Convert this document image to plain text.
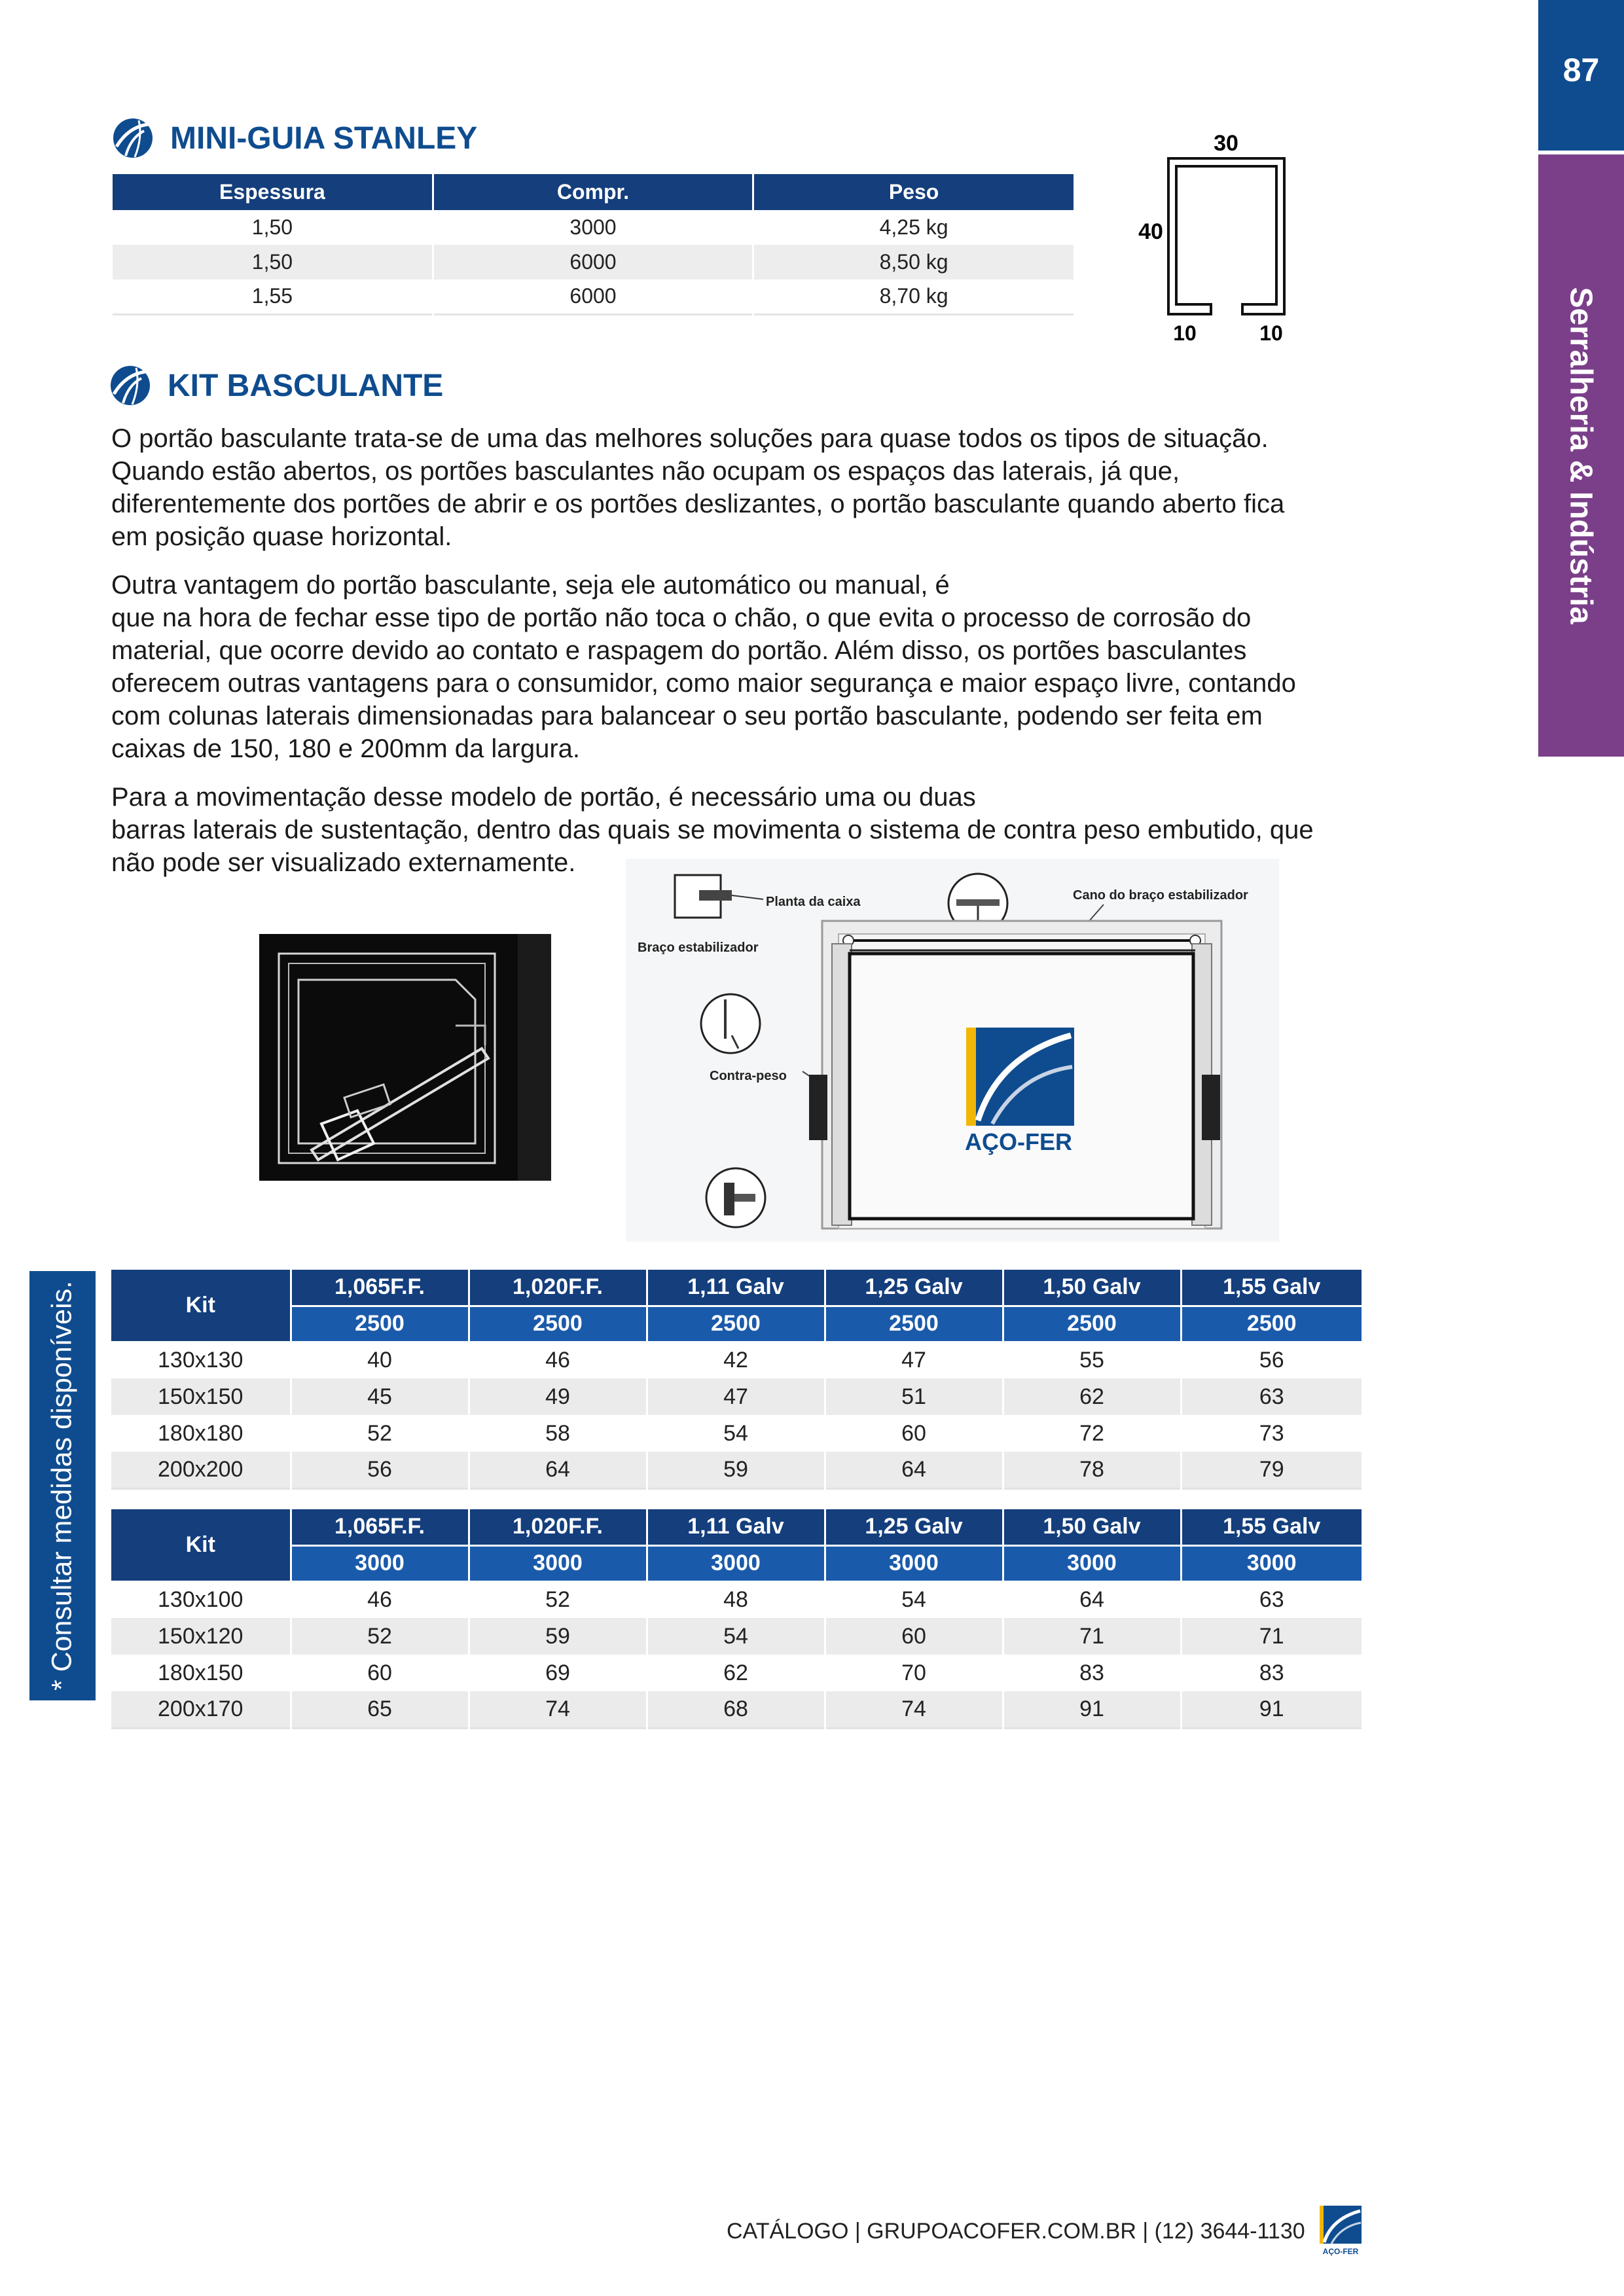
87
Serralheria & Indústria
* Consultar medidas disponíveis.
MINI-GUIA STANLEY
Espessura	Compr.	Peso
1,50	3000	4,25 kg
1,50	6000	8,50 kg
1,55	6000	8,70 kg
30
40
10	10
KIT BASCULANTE

O portão basculante trata-se de uma das melhores soluções para quase todos os tipos de situação.
Quando estão abertos, os portões basculantes não ocupam os espaços das laterais, já que,
diferentemente dos portões de abrir e os portões deslizantes, o portão basculante quando aberto fica
em posição quase horizontal.

Outra vantagem do portão basculante, seja ele automático ou manual, é
que na hora de fechar esse tipo de portão não toca o chão, o que evita o processo de corrosão do
material, que ocorre devido ao contato e raspagem do portão. Além disso, os portões basculantes
oferecem outras vantagens para o consumidor, como maior segurança e maior espaço livre, contando
com colunas laterais dimensionadas para balancear o seu portão basculante, podendo ser feita em
caixas de 150, 180 e 200mm da largura.

Para a movimentação desse modelo de portão, é necessário uma ou duas
barras laterais de sustentação, dentro das quais se movimenta o sistema de contra peso embutido, que
não pode ser visualizado externamente.

Planta da caixa	Cano do braço estabilizador
Braço estabilizador
Contra-peso
AÇO-FER
Kit	1,065F.F.	1,020F.F.	1,11 Galv	1,25 Galv	1,50 Galv	1,55 Galv
	2500	2500	2500	2500	2500	2500
130x130	40	46	42	47	55	56
150x150	45	49	47	51	62	63
180x180	52	58	54	60	72	73
200x200	56	64	59	64	78	79
Kit	1,065F.F.	1,020F.F.	1,11 Galv	1,25 Galv	1,50 Galv	1,55 Galv
	3000	3000	3000	3000	3000	3000
130x100	46	52	48	54	64	63
150x120	52	59	54	60	71	71
180x150	60	69	62	70	83	83
200x170	65	74	68	74	91	91
CATÁLOGO | GRUPOACOFER.COM.BR | (12) 3644-1130
AÇO-FER
